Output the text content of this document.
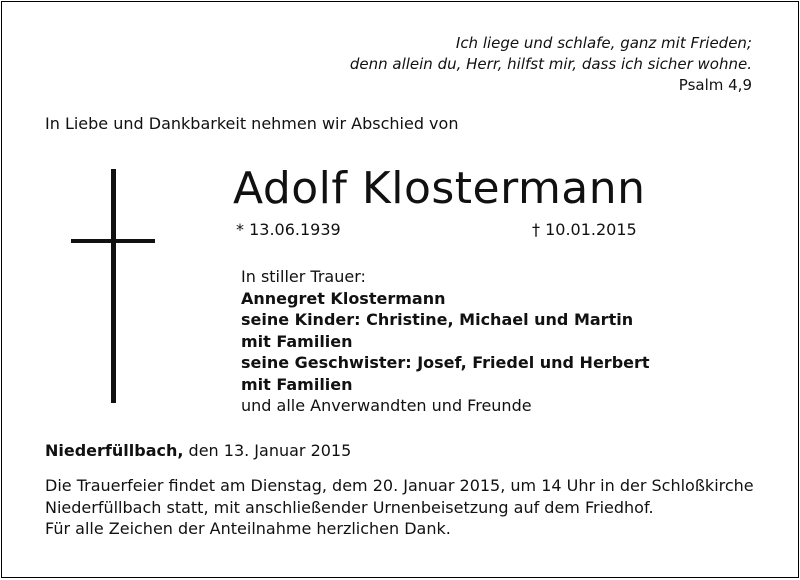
Ich liege und schlafe, ganz mit Frieden;
denn allein du, Herr, hilfst mir, dass ich sicher wohne.
Psalm 4,9
In Liebe und Dankbarkeit nehmen wir Abschied von
Adolf Klostermann
* 13.06.1939	† 10.01.2015
In stiller Trauer:
Annegret Klostermann
seine Kinder: Christine, Michael und Martin
mit Familien
seine Geschwister: Josef, Friedel und Herbert
mit Familien
und alle Anverwandten und Freunde
Niederfüllbach, den 13. Januar 2015
Die Trauerfeier findet am Dienstag, dem 20. Januar 2015, um 14 Uhr in der Schloßkirche
Niederfüllbach statt, mit anschließender Urnenbeisetzung auf dem Friedhof.
Für alle Zeichen der Anteilnahme herzlichen Dank.
